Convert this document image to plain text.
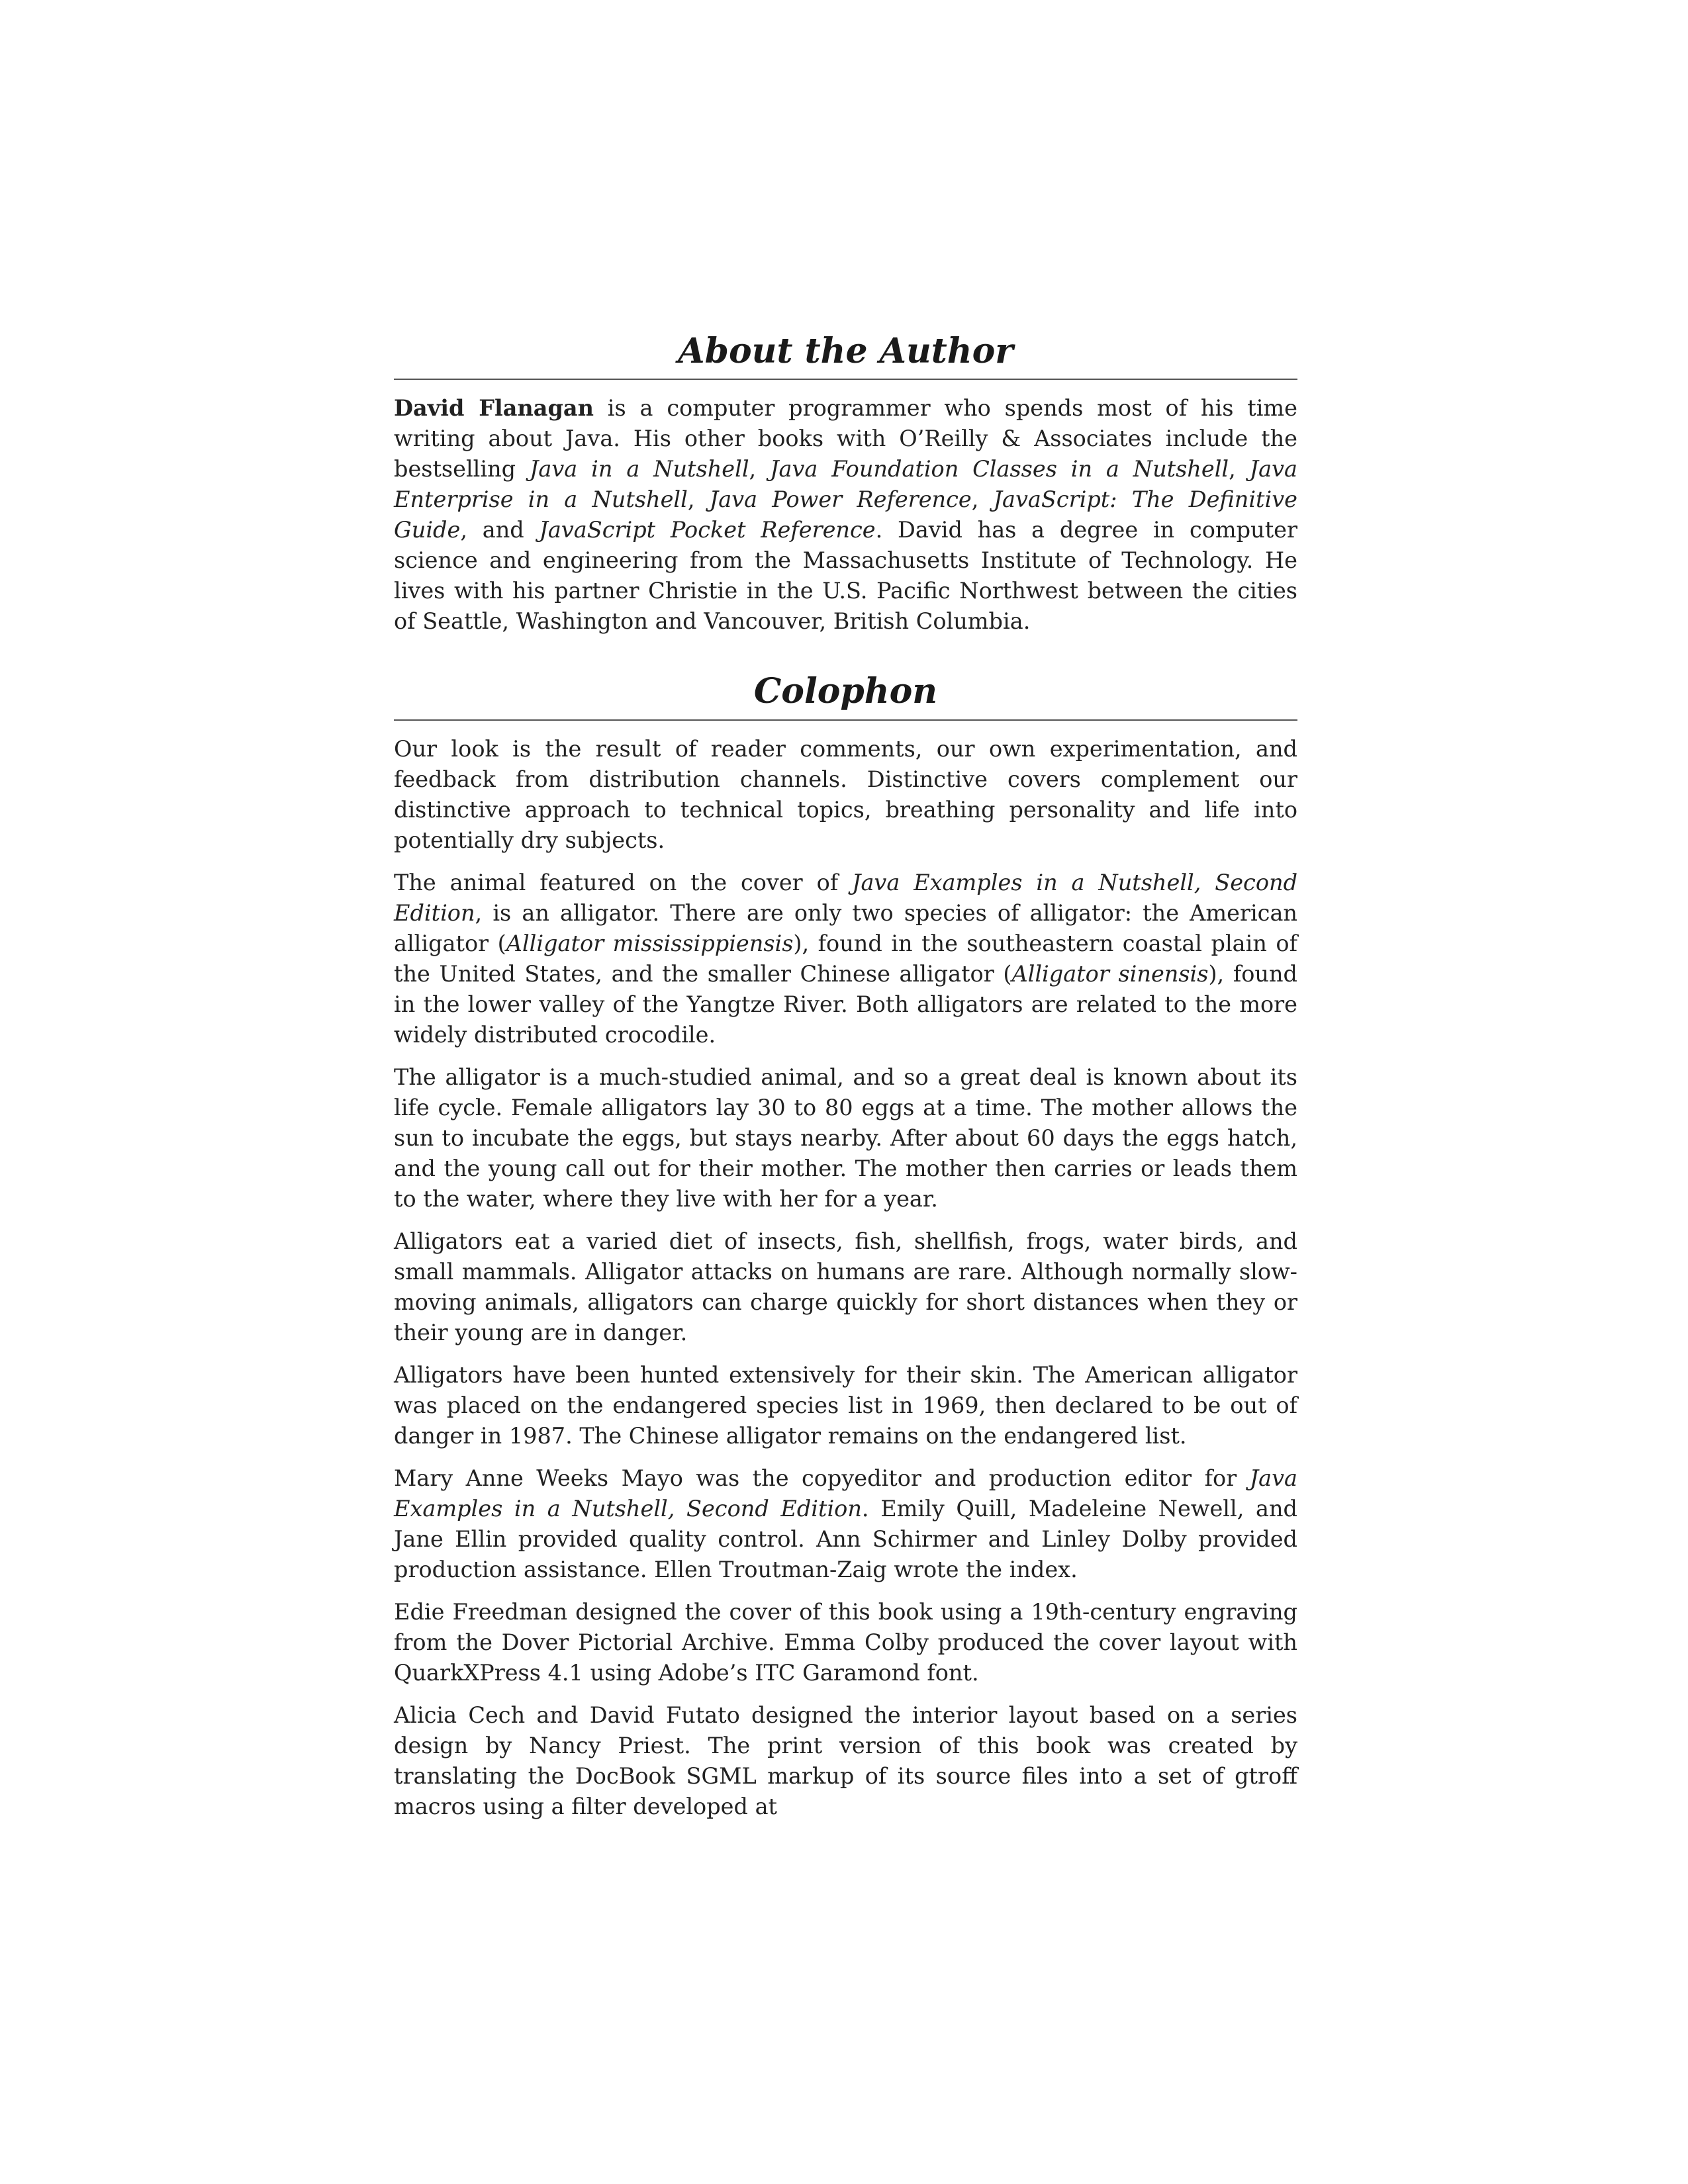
About the Author

David Flanagan is a computer programmer who spends most of his time writing about Java. His other books with O’Reilly & Associates include the bestselling Java in a Nutshell, Java Foundation Classes in a Nutshell, Java Enterprise in a Nutshell, Java Power Reference, JavaScript: The Definitive Guide, and JavaScript Pocket Reference. David has a degree in computer science and engineering from the Massachusetts Institute of Technology. He lives with his partner Christie in the U.S. Pacific Northwest between the cities of Seattle, Washington and Vancouver, British Columbia.

Colophon

Our look is the result of reader comments, our own experimentation, and feedback from distribution channels. Distinctive covers complement our distinctive approach to technical topics, breathing personality and life into potentially dry subjects.

The animal featured on the cover of Java Examples in a Nutshell, Second Edition, is an alligator. There are only two species of alligator: the American alligator (Alligator mississippiensis), found in the southeastern coastal plain of the United States, and the smaller Chinese alligator (Alligator sinensis), found in the lower valley of the Yangtze River. Both alligators are related to the more widely distributed crocodile.

The alligator is a much-studied animal, and so a great deal is known about its life cycle. Female alligators lay 30 to 80 eggs at a time. The mother allows the sun to incubate the eggs, but stays nearby. After about 60 days the eggs hatch, and the young call out for their mother. The mother then carries or leads them to the water, where they live with her for a year.

Alligators eat a varied diet of insects, fish, shellfish, frogs, water birds, and small mammals. Alligator attacks on humans are rare. Although normally slow-moving animals, alligators can charge quickly for short distances when they or their young are in danger.

Alligators have been hunted extensively for their skin. The American alligator was placed on the endangered species list in 1969, then declared to be out of danger in 1987. The Chinese alligator remains on the endangered list.

Mary Anne Weeks Mayo was the copyeditor and production editor for Java Examples in a Nutshell, Second Edition. Emily Quill, Madeleine Newell, and Jane Ellin provided quality control. Ann Schirmer and Linley Dolby provided production assistance. Ellen Troutman-Zaig wrote the index.

Edie Freedman designed the cover of this book using a 19th-century engraving from the Dover Pictorial Archive. Emma Colby produced the cover layout with QuarkXPress 4.1 using Adobe’s ITC Garamond font.

Alicia Cech and David Futato designed the interior layout based on a series design by Nancy Priest. The print version of this book was created by translating the DocBook SGML markup of its source files into a set of gtroff macros using a filter developed at
